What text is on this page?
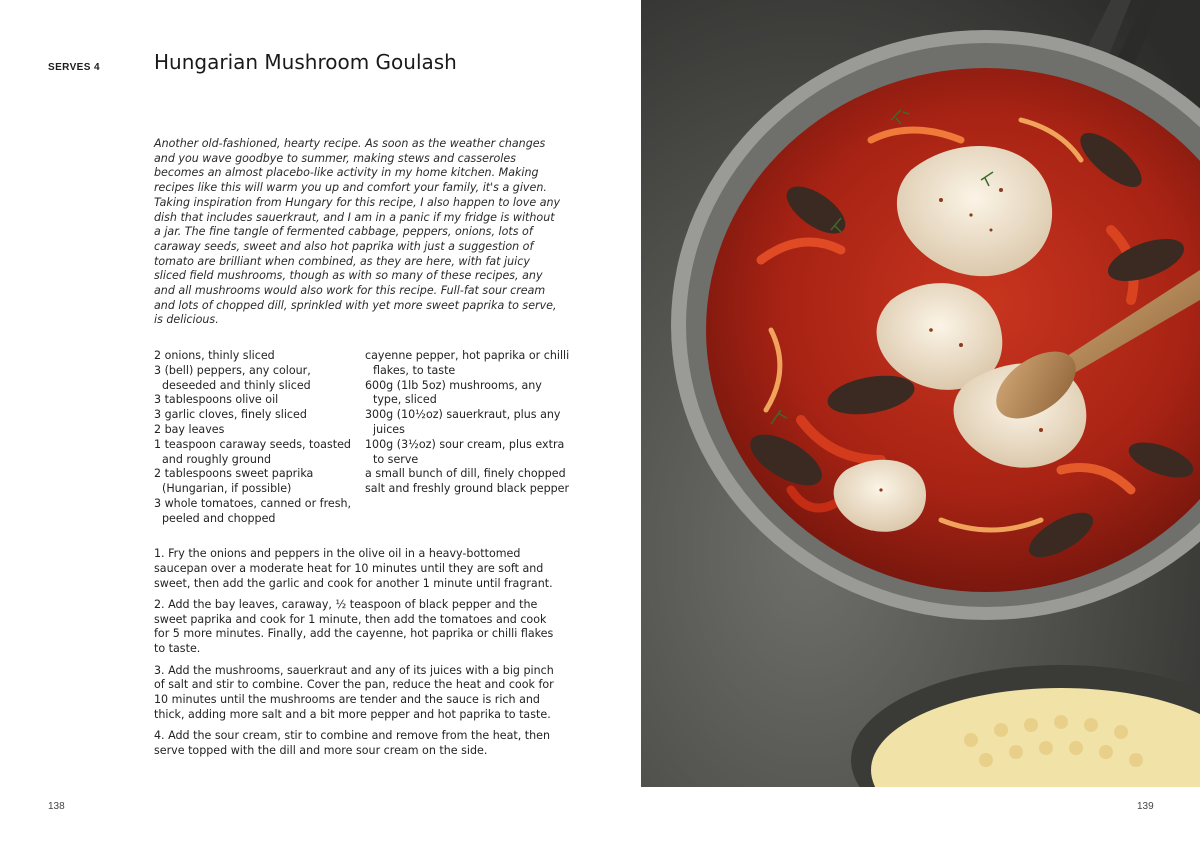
SERVES 4	Hungarian Mushroom Goulash

Another old-fashioned, hearty recipe. As soon as the weather changes and you wave goodbye to summer, making stews and casseroles becomes an almost placebo-like activity in my home kitchen. Making recipes like this will warm you up and comfort your family, it's a given. Taking inspiration from Hungary for this recipe, I also happen to love any dish that includes sauerkraut, and I am in a panic if my fridge is without a jar. The fine tangle of fermented cabbage, peppers, onions, lots of caraway seeds, sweet and also hot paprika with just a suggestion of tomato are brilliant when combined, as they are here, with fat juicy sliced field mushrooms, though as with so many of these recipes, any and all mushrooms would also work for this recipe. Full-fat sour cream and lots of chopped dill, sprinkled with yet more sweet paprika to serve, is delicious.

2 onions, thinly sliced
3 (bell) peppers, any colour, deseeded and thinly sliced
3 tablespoons olive oil
3 garlic cloves, finely sliced
2 bay leaves
1 teaspoon caraway seeds, toasted and roughly ground
2 tablespoons sweet paprika (Hungarian, if possible)
3 whole tomatoes, canned or fresh, peeled and chopped
cayenne pepper, hot paprika or chilli flakes, to taste
600g (1lb 5oz) mushrooms, any type, sliced
300g (10½oz) sauerkraut, plus any juices
100g (3½oz) sour cream, plus extra to serve
a small bunch of dill, finely chopped
salt and freshly ground black pepper
1. Fry the onions and peppers in the olive oil in a heavy-bottomed saucepan over a moderate heat for 10 minutes until they are soft and sweet, then add the garlic and cook for another 1 minute until fragrant.
2. Add the bay leaves, caraway, ½ teaspoon of black pepper and the sweet paprika and cook for 1 minute, then add the tomatoes and cook for 5 more minutes. Finally, add the cayenne, hot paprika or chilli flakes to taste.
3. Add the mushrooms, sauerkraut and any of its juices with a big pinch of salt and stir to combine. Cover the pan, reduce the heat and cook for 10 minutes until the mushrooms are tender and the sauce is rich and thick, adding more salt and a bit more pepper and hot paprika to taste.
4. Add the sour cream, stir to combine and remove from the heat, then serve topped with the dill and more sour cream on the side.
138	139
